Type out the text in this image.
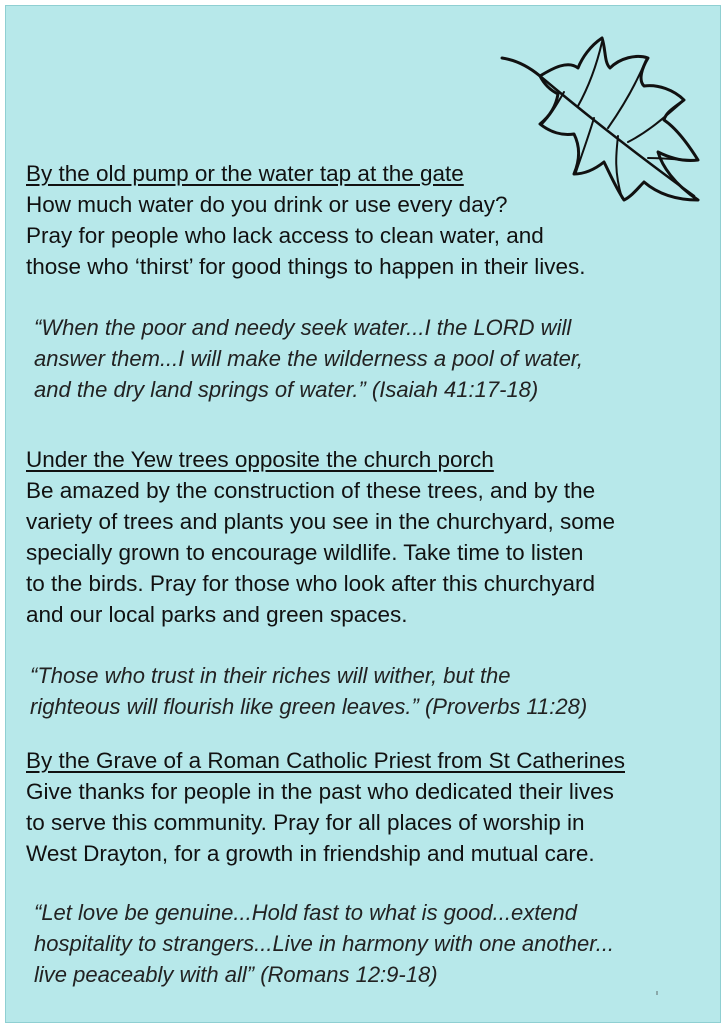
By the old pump or the water tap at the gate

How much water do you drink or use every day?

Pray for people who lack access to clean water, and

those who ‘thirst’ for good things to happen in their lives.

“When the poor and needy seek water...I the LORD will
answer them...I will make the wilderness a pool of water,
and the dry land springs of water.” (Isaiah 41:17-18)
Under the Yew trees opposite the church porch

Be amazed by the construction of these trees, and by the

variety of trees and plants you see in the churchyard, some

specially grown to encourage wildlife. Take time to listen

to the birds. Pray for those who look after this churchyard

and our local parks and green spaces.

“Those who trust in their riches will wither, but the
righteous will flourish like green leaves.” (Proverbs 11:28)
By the Grave of a Roman Catholic Priest from St Catherines

Give thanks for people in the past who dedicated their lives

to serve this community. Pray for all places of worship in

West Drayton, for a growth in friendship and mutual care.

“Let love be genuine...Hold fast to what is good...extend
hospitality to strangers...Live in harmony with one another...
live peaceably with all” (Romans 12:9-18)
